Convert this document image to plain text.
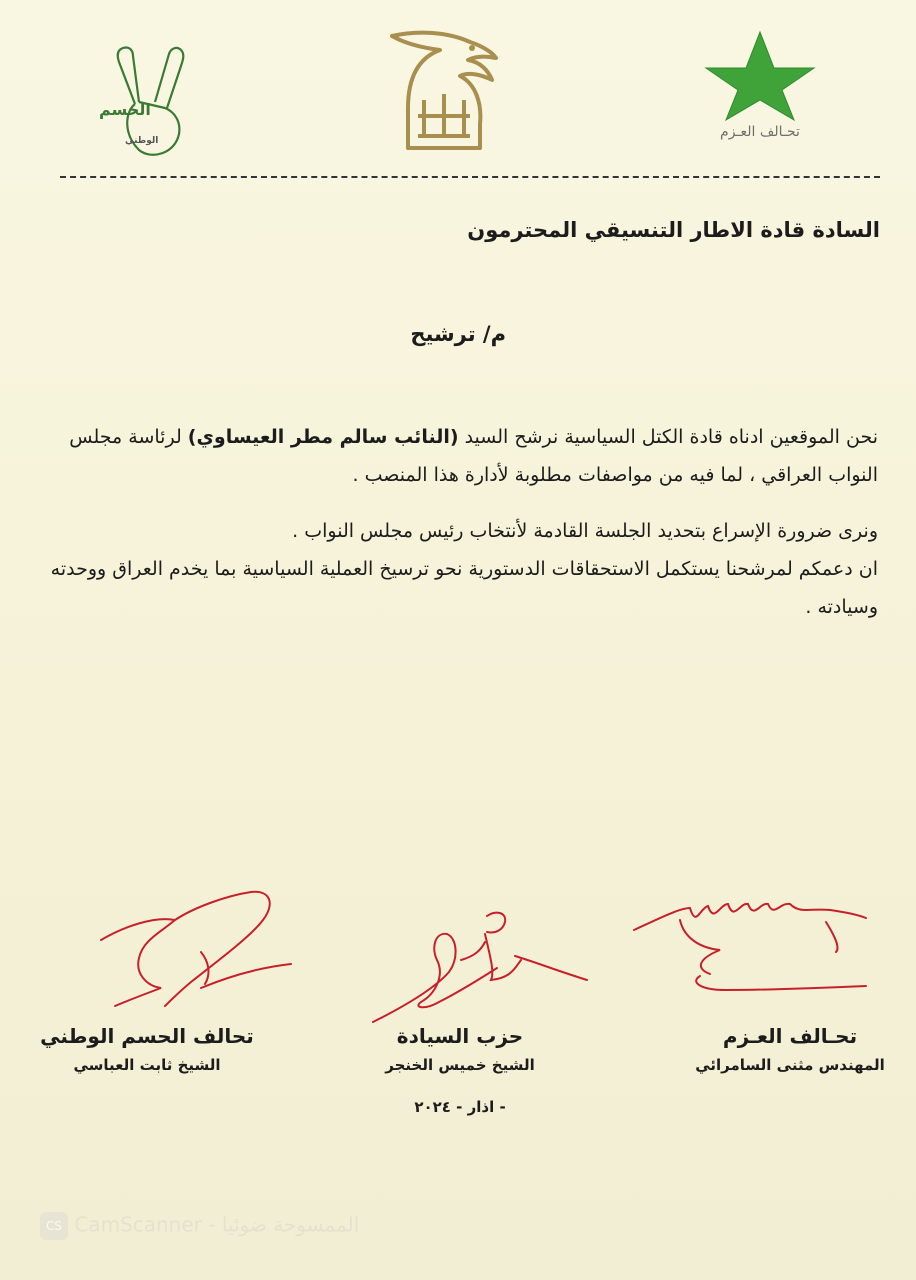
تحـالف العـزم
الحسم
الوطني
السادة قادة الاطار التنسيقي المحترمون
م/ ترشيح
نحن الموقعين ادناه قادة الكتل السياسية نرشح السيد (النائب سالم مطر العيساوي) لرئاسة مجلس النواب العراقي ، لما فيه من مواصفات مطلوبة لأدارة هذا المنصب .
ونرى ضرورة الإسراع بتحديد الجلسة القادمة لأنتخاب رئيس مجلس النواب .
ان دعمكم لمرشحنا يستكمل الاستحقاقات الدستورية نحو ترسيخ العملية السياسية بما يخدم العراق ووحدته وسيادته .
تحـالف العـزم
المهندس مثنى السامرائي
حزب السيادة
الشيخ خميس الخنجر
تحالف الحسم الوطني
الشيخ ثابت العباسي
- اذار - ٢٠٢٤
CS CamScanner - الممسوحة ضوئيا
